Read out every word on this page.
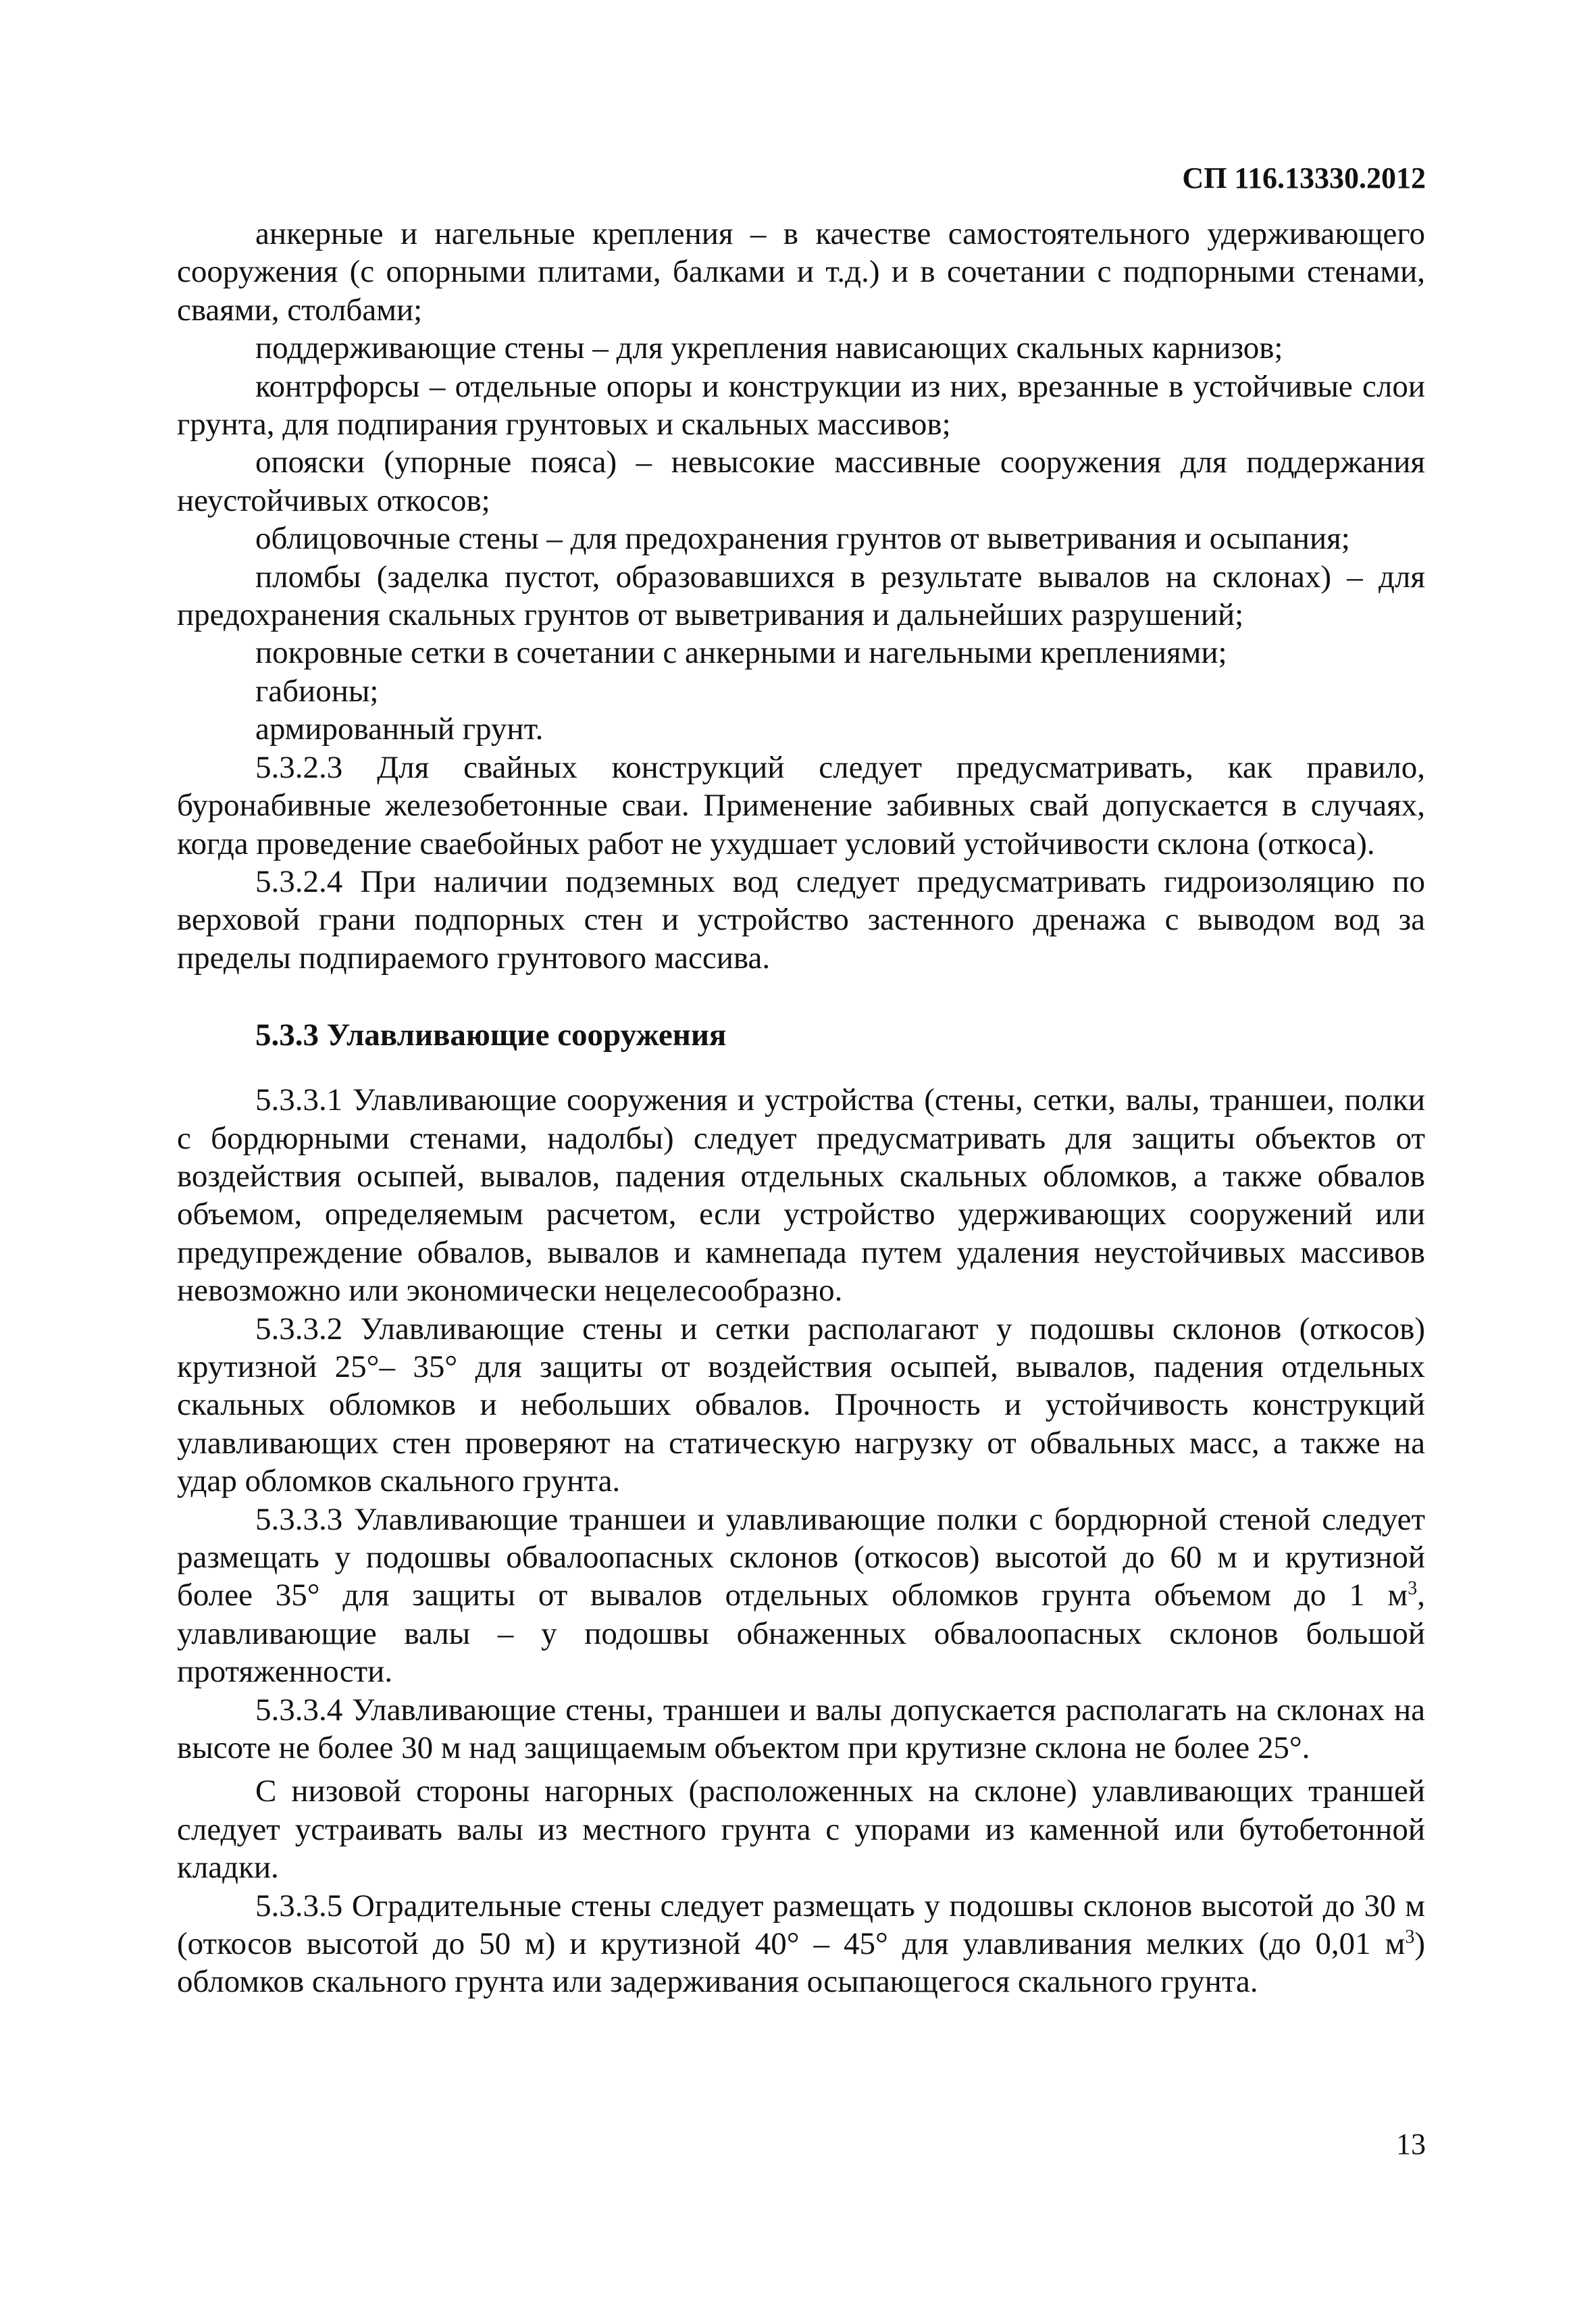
СП 116.13330.2012

анкерные и нагельные крепления – в качестве самостоятельного удерживающего сооружения (с опорными плитами, балками и т.д.) и в сочетании с подпорными стенами, сваями, столбами;

поддерживающие стены – для укрепления нависающих скальных карнизов;

контрфорсы – отдельные опоры и конструкции из них, врезанные в устойчивые слои грунта, для подпирания грунтовых и скальных массивов;

опояски (упорные пояса) – невысокие массивные сооружения для поддержания неустойчивых откосов;

облицовочные стены – для предохранения грунтов от выветривания и осыпания;

пломбы (заделка пустот, образовавшихся в результате вывалов на склонах) – для предохранения скальных грунтов от выветривания и дальнейших разрушений;

покровные сетки в сочетании с анкерными и нагельными креплениями;

габионы;

армированный грунт.

5.3.2.3 Для свайных конструкций следует предусматривать, как правило, буронабивные железобетонные сваи. Применение забивных свай допускается в случаях, когда проведение сваебойных работ не ухудшает условий устойчивости склона (откоса).

5.3.2.4 При наличии подземных вод следует предусматривать гидроизоляцию по верховой грани подпорных стен и устройство застенного дренажа с выводом вод за пределы подпираемого грунтового массива.

5.3.3 Улавливающие сооружения

5.3.3.1 Улавливающие сооружения и устройства (стены, сетки, валы, траншеи, полки с бордюрными стенами, надолбы) следует предусматривать для защиты объектов от воздействия осыпей, вывалов, падения отдельных скальных обломков, а также обвалов объемом, определяемым расчетом, если устройство удерживающих сооружений или предупреждение обвалов, вывалов и камнепада путем удаления неустойчивых массивов невозможно или экономически нецелесообразно.

5.3.3.2 Улавливающие стены и сетки располагают у подошвы склонов (откосов) крутизной 25°– 35° для защиты от воздействия осыпей, вывалов, падения отдельных скальных обломков и небольших обвалов. Прочность и устойчивость конструкций улавливающих стен проверяют на статическую нагрузку от обвальных масс, а также на удар обломков скального грунта.

5.3.3.3 Улавливающие траншеи и улавливающие полки с бордюрной стеной следует размещать у подошвы обвалоопасных склонов (откосов) высотой до 60 м и крутизной более 35° для защиты от вывалов отдельных обломков грунта объемом до 1 $м^3$, улавливающие валы – у подошвы обнаженных обвалоопасных склонов большой протяженности.

5.3.3.4 Улавливающие стены, траншеи и валы допускается располагать на склонах на высоте не более 30 м над защищаемым объектом при крутизне склона не более 25°.

С низовой стороны нагорных (расположенных на склоне) улавливающих траншей следует устраивать валы из местного грунта с упорами из каменной или бутобетонной кладки.

5.3.3.5 Оградительные стены следует размещать у подошвы склонов высотой до 30 м (откосов высотой до 50 м) и крутизной 40° – 45° для улавливания мелких (до 0,01 $м^3$) обломков скального грунта или задерживания осыпающегося скального грунта.

13
